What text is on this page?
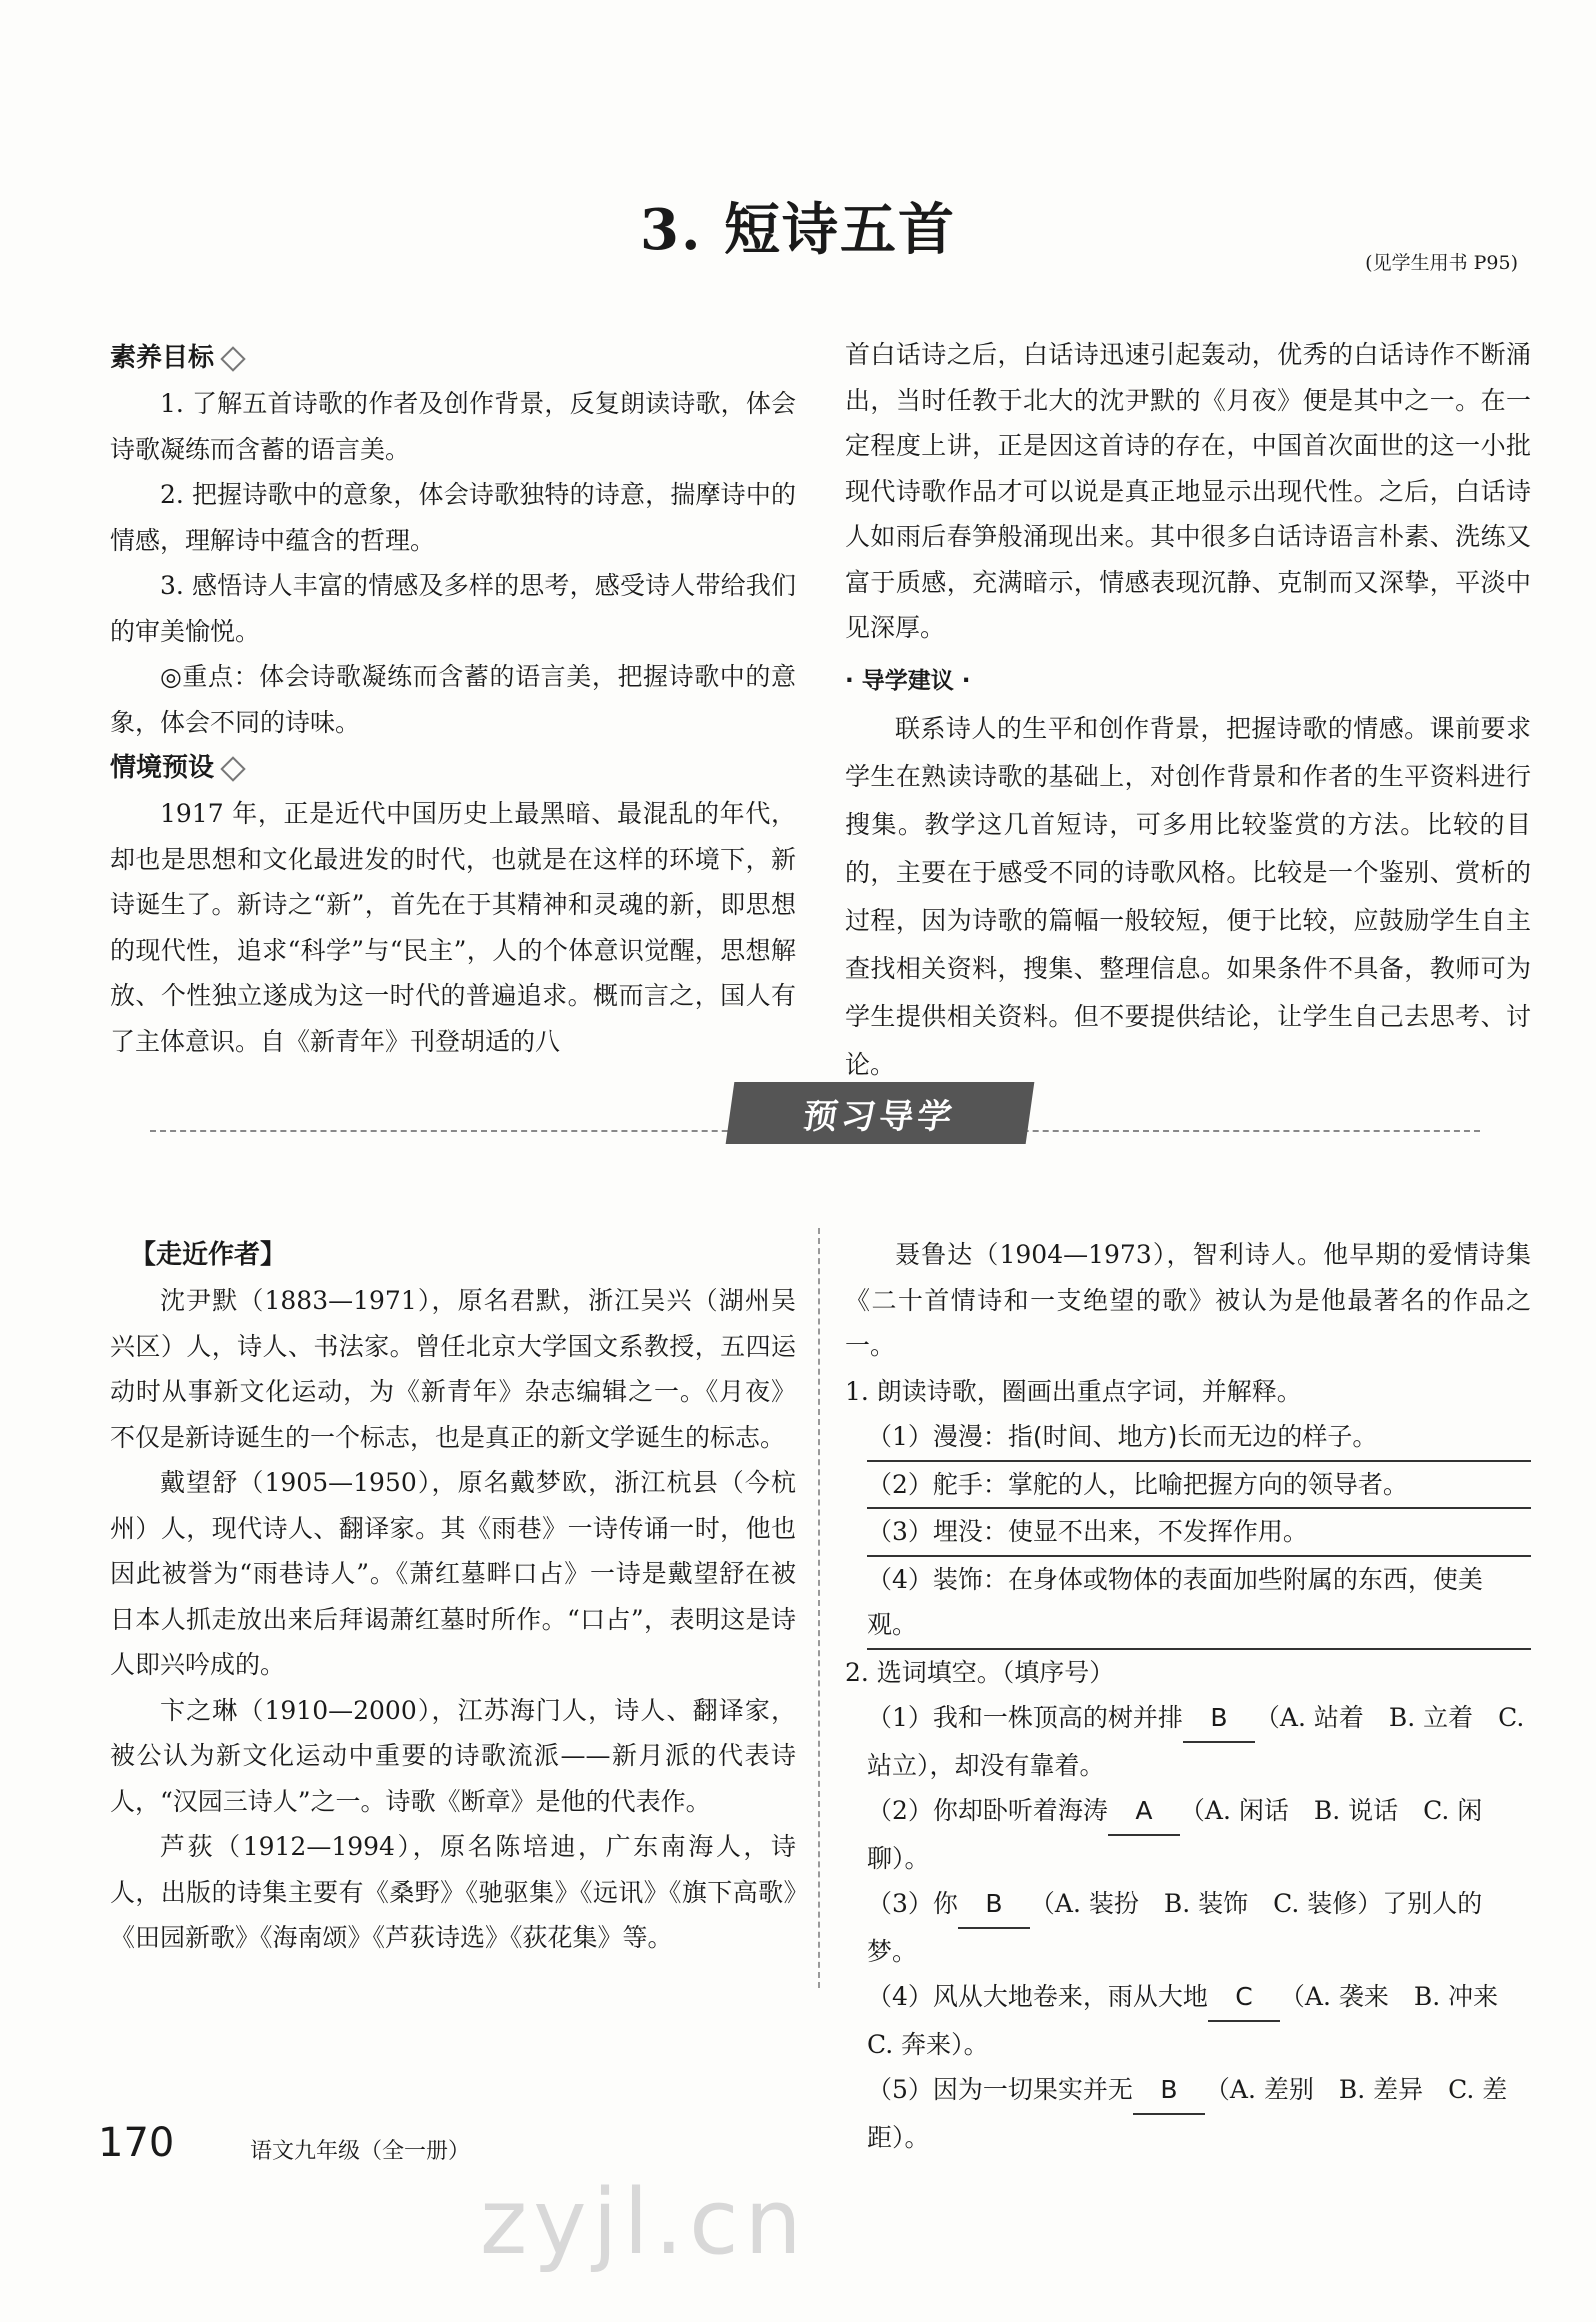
3. 短诗五首	(见学生用书 P95)
素养目标

1. 了解五首诗歌的作者及创作背景，反复朗读诗歌，体会诗歌凝练而含蓄的语言美。

2. 把握诗歌中的意象，体会诗歌独特的诗意，揣摩诗中的情感，理解诗中蕴含的哲理。

3. 感悟诗人丰富的情感及多样的思考，感受诗人带给我们的审美愉悦。

◎重点：体会诗歌凝练而含蓄的语言美，把握诗歌中的意象，体会不同的诗味。

情境预设

1917 年，正是近代中国历史上最黑暗、最混乱的年代，却也是思想和文化最进发的时代，也就是在这样的环境下，新诗诞生了。新诗之“新”，首先在于其精神和灵魂的新，即思想的现代性，追求“科学”与“民主”，人的个体意识觉醒，思想解放、个性独立遂成为这一时代的普遍追求。概而言之，国人有了主体意识。自《新青年》刊登胡适的八

首白话诗之后，白话诗迅速引起轰动，优秀的白话诗作不断涌出，当时任教于北大的沈尹默的《月夜》便是其中之一。在一定程度上讲，正是因这首诗的存在，中国首次面世的这一小批现代诗歌作品才可以说是真正地显示出现代性。之后，白话诗人如雨后春笋般涌现出来。其中很多白话诗语言朴素、洗练又富于质感，充满暗示，情感表现沉静、克制而又深挚，平淡中见深厚。

· 导学建议 ·

联系诗人的生平和创作背景，把握诗歌的情感。课前要求学生在熟读诗歌的基础上，对创作背景和作者的生平资料进行搜集。教学这几首短诗，可多用比较鉴赏的方法。比较的目的，主要在于感受不同的诗歌风格。比较是一个鉴别、赏析的过程，因为诗歌的篇幅一般较短，便于比较，应鼓励学生自主查找相关资料，搜集、整理信息。如果条件不具备，教师可为学生提供相关资料。但不要提供结论，让学生自己去思考、讨论。

预习导学
【走近作者】

沈尹默（1883—1971），原名君默，浙江吴兴（湖州吴兴区）人，诗人、书法家。曾任北京大学国文系教授，五四运动时从事新文化运动，为《新青年》杂志编辑之一。《月夜》不仅是新诗诞生的一个标志，也是真正的新文学诞生的标志。

戴望舒（1905—1950），原名戴梦欧，浙江杭县（今杭州）人，现代诗人、翻译家。其《雨巷》一诗传诵一时，他也因此被誉为“雨巷诗人”。《萧红墓畔口占》一诗是戴望舒在被日本人抓走放出来后拜谒萧红墓时所作。“口占”，表明这是诗人即兴吟成的。

卞之琳（1910—2000），江苏海门人，诗人、翻译家，被公认为新文化运动中重要的诗歌流派——新月派的代表诗人，“汉园三诗人”之一。诗歌《断章》是他的代表作。

芦荻（1912—1994），原名陈培迪，广东南海人，诗人，出版的诗集主要有《桑野》《驰驱集》《远讯》《旗下高歌》《田园新歌》《海南颂》《芦荻诗选》《荻花集》等。

聂鲁达（1904—1973），智利诗人。他早期的爱情诗集《二十首情诗和一支绝望的歌》被认为是他最著名的作品之一。

1. 朗读诗歌，圈画出重点字词，并解释。
（1）漫漫：指(时间、地方)长而无边的样子。
（2）舵手：掌舵的人，比喻把握方向的领导者。
（3）埋没：使显不出来，不发挥作用。
（4）装饰：在身体或物体的表面加些附属的东西，使美观。
2. 选词填空。（填序号）
（1）我和一株顶高的树并排 B （A. 站着　B. 立着　C. 站立），却没有靠着。
（2）你却卧听着海涛 A （A. 闲话　B. 说话　C. 闲聊）。
（3）你 B （A. 装扮　B. 装饰　C. 装修）了别人的梦。
（4）风从大地卷来，雨从大地 C （A. 袭来　B. 冲来　C. 奔来）。
（5）因为一切果实并无 B （A. 差别　B. 差异　C. 差距）。
170	语文九年级（全一册）
zyjl.cn
